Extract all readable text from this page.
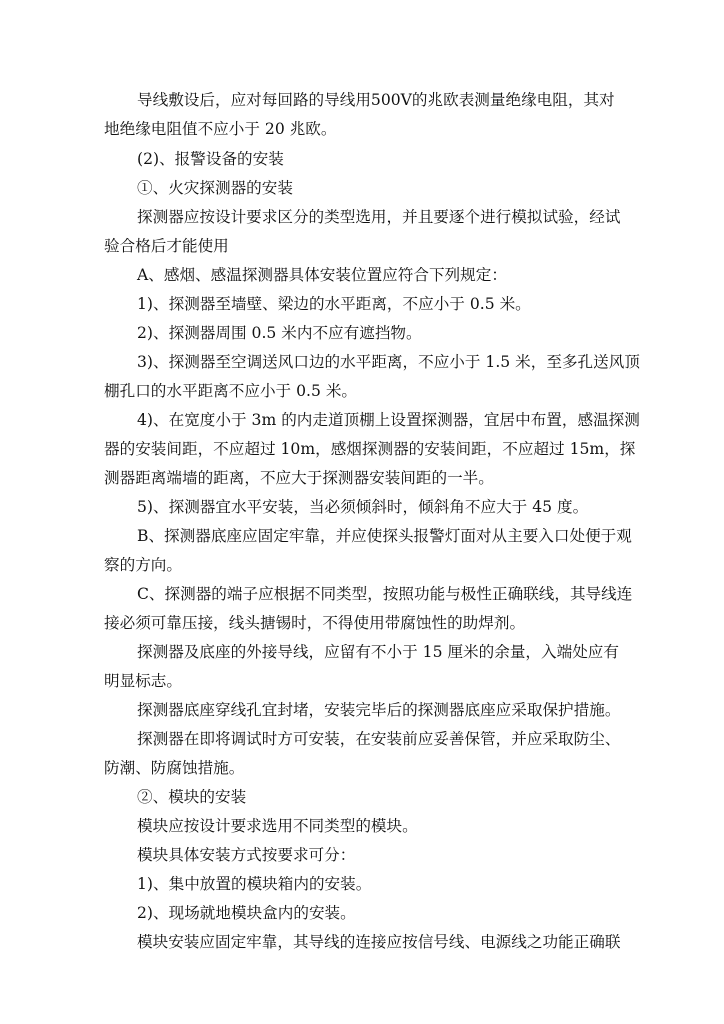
导线敷设后，应对每回路的导线用500V的兆欧表测量绝缘电阻，其对
地绝缘电阻值不应小于 20 兆欧。
(2)、报警设备的安装
①、火灾探测器的安装
探测器应按设计要求区分的类型选用，并且要逐个进行模拟试验，经试
验合格后才能使用
A、感烟、感温探测器具体安装位置应符合下列规定：
1)、探测器至墙壁、梁边的水平距离，不应小于 0.5 米。
2)、探测器周围 0.5 米内不应有遮挡物。
3)、探测器至空调送风口边的水平距离，不应小于 1.5 米，至多孔送风顶
棚孔口的水平距离不应小于 0.5 米。
4)、在宽度小于 3m 的内走道顶棚上设置探测器，宜居中布置，感温探测
器的安装间距，不应超过 10m，感烟探测器的安装间距，不应超过 15m，探
测器距离端墙的距离，不应大于探测器安装间距的一半。
5)、探测器宜水平安装，当必须倾斜时，倾斜角不应大于 45 度。
B、探测器底座应固定牢靠，并应使探头报警灯面对从主要入口处便于观
察的方向。
C、探测器的端子应根据不同类型，按照功能与极性正确联线，其导线连
接必须可靠压接，线头搪锡时，不得使用带腐蚀性的助焊剂。
探测器及底座的外接导线，应留有不小于 15 厘米的余量，入端处应有
明显标志。
探测器底座穿线孔宜封堵，安装完毕后的探测器底座应采取保护措施。
探测器在即将调试时方可安装，在安装前应妥善保管，并应采取防尘、
防潮、防腐蚀措施。
②、模块的安装
模块应按设计要求选用不同类型的模块。
模块具体安装方式按要求可分：
1)、集中放置的模块箱内的安装。
2)、现场就地模块盒内的安装。
模块安装应固定牢靠，其导线的连接应按信号线、电源线之功能正确联
